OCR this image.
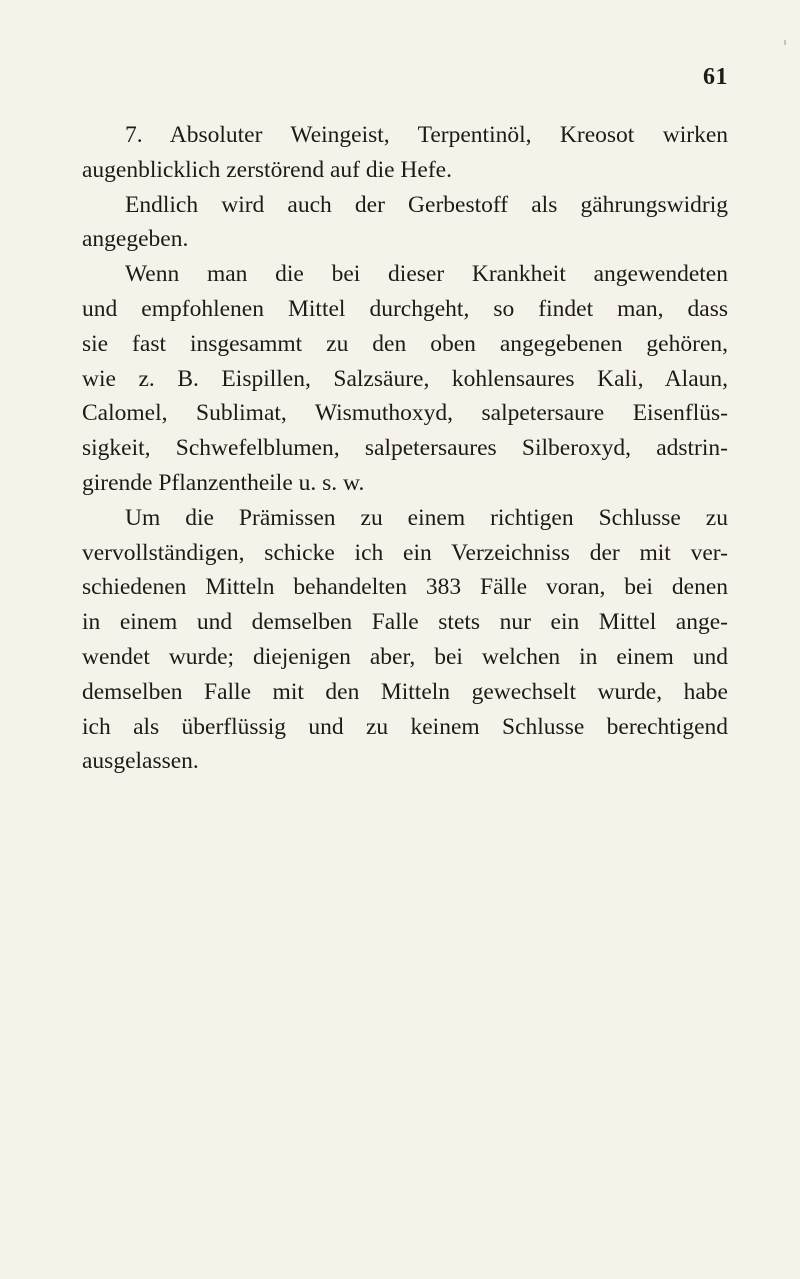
61
7. Absoluter Weingeist, Terpentinöl, Kreosot wirken
augenblicklich zerstörend auf die Hefe.
Endlich wird auch der Gerbestoff als gährungswidrig
angegeben.
Wenn man die bei dieser Krankheit angewendeten
und empfohlenen Mittel durchgeht, so findet man, dass
sie fast insgesammt zu den oben angegebenen gehören,
wie z. B. Eispillen, Salzsäure, kohlensaures Kali, Alaun,
Calomel, Sublimat, Wismuthoxyd, salpetersaure Eisenflüs-
sigkeit, Schwefelblumen, salpetersaures Silberoxyd, adstrin-
girende Pflanzentheile u. s. w.
Um die Prämissen zu einem richtigen Schlusse zu
vervollständigen, schicke ich ein Verzeichniss der mit ver-
schiedenen Mitteln behandelten 383 Fälle voran, bei denen
in einem und demselben Falle stets nur ein Mittel ange-
wendet wurde; diejenigen aber, bei welchen in einem und
demselben Falle mit den Mitteln gewechselt wurde, habe
ich als überflüssig und zu keinem Schlusse berechtigend
ausgelassen.
